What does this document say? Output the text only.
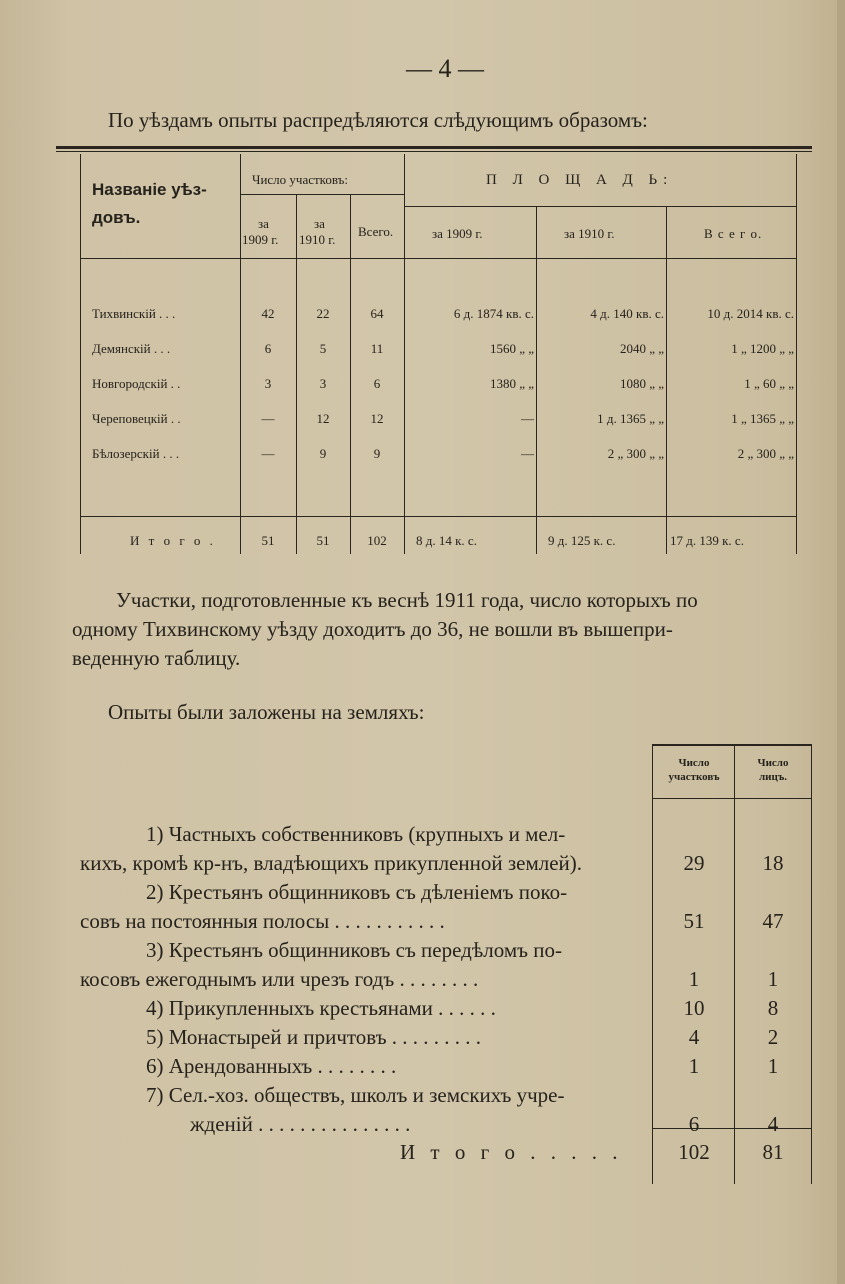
— 4 —
По уѣздамъ опыты распредѣляются слѣдующимъ образомъ:
Названіе уѣз-
довъ.
Число участковъ:	П Л О Щ А Д Ь:
за
1909 г.
за
1910 г.
Всего.	за 1909 г.	за 1910 г.	В с е г о.
Тихвинскій . . .	42	22	64	6 д. 1874 кв. с.	4 д. 140 кв. с.	10 д. 2014 кв. с.
Демянскій . . .	6	5	11	1560 „ „	2040 „ „	1 „ 1200 „ „
Новгородскій . .	3	3	6	1380 „ „	1080 „ „	1 „ 60 „ „
Череповецкій . .	—	12	12	—	1 д. 1365 „ „	1 „ 1365 „ „
Бѣлозерскій . . .	—	9	9	—	2 „ 300 „ „	2 „ 300 „ „
И т о г о .	51	51	102	8 д. 14 к. с.	9 д. 125 к. с.	17 д. 139 к. с.
Участки, подготовленные къ веснѣ 1911 года, число которыхъ по
одному Тихвинскому уѣзду доходитъ до 36, не вошли въ вышепри-
веденную таблицу.
Опыты были заложены на земляхъ:
Число
участковъ
Число
лицъ.
1) Частныхъ собственниковъ (крупныхъ и мел-
кихъ, кромѣ кр-нъ, владѣющихъ прикупленной землей).	29	18
2) Крестьянъ общинниковъ съ дѣленіемъ поко-
совъ на постоянныя полосы . . . . . . . . . . .	51	47
3) Крестьянъ общинниковъ съ передѣломъ по-
косовъ ежегоднымъ или чрезъ годъ . . . . . . . .	1	1
4) Прикупленныхъ крестьянами . . . . . .	10	8
5) Монастырей и причтовъ . . . . . . . . .	4	2
6) Арендованныхъ . . . . . . . .	1	1
7) Сел.-хоз. обществъ, школъ и земскихъ учре-
жденій . . . . . . . . . . . . . . .	6	4
И т о г о . . . . .	102	81
